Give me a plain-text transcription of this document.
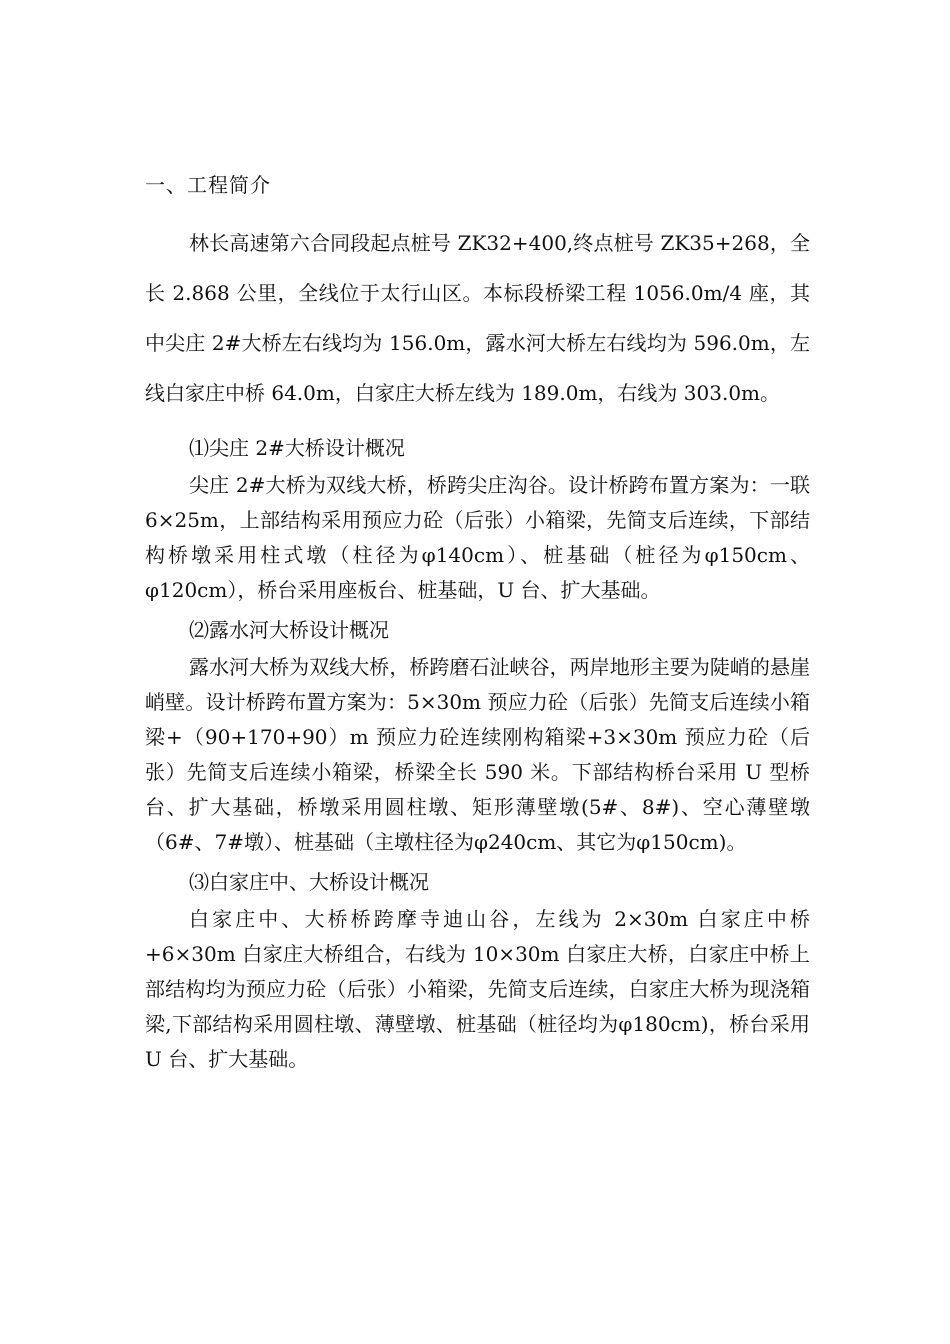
一、工程简介

林长高速第六合同段起点桩号 ZK32+400,终点桩号 ZK35+268，全长 2.868 公里，全线位于太行山区。本标段桥梁工程 1056.0m/4 座，其中尖庄 2#大桥左右线均为 156.0m，露水河大桥左右线均为 596.0m，左线白家庄中桥 64.0m，白家庄大桥左线为 189.0m，右线为 303.0m。

⑴尖庄 2#大桥设计概况

尖庄 2#大桥为双线大桥，桥跨尖庄沟谷。设计桥跨布置方案为：一联 6×25m，上部结构采用预应力砼（后张）小箱梁，先简支后连续，下部结构桥墩采用柱式墩（柱径为φ140cm）、桩基础（桩径为φ150cm、φ120cm），桥台采用座板台、桩基础，U 台、扩大基础。

⑵露水河大桥设计概况

露水河大桥为双线大桥，桥跨磨石沚峡谷，两岸地形主要为陡峭的悬崖峭壁。设计桥跨布置方案为：5×30m 预应力砼（后张）先简支后连续小箱梁+（90+170+90）m 预应力砼连续刚构箱梁+3×30m 预应力砼（后张）先简支后连续小箱梁，桥梁全长 590 米。下部结构桥台采用 U 型桥台、扩大基础，桥墩采用圆柱墩、矩形薄壁墩(5#、8#)、空心薄壁墩（6#、7#墩）、桩基础（主墩柱径为φ240cm、其它为φ150cm)。

⑶白家庄中、大桥设计概况

白家庄中、大桥桥跨摩寺迪山谷，左线为 2×30m 白家庄中桥+6×30m 白家庄大桥组合，右线为 10×30m 白家庄大桥，白家庄中桥上部结构均为预应力砼（后张）小箱梁，先简支后连续，白家庄大桥为现浇箱梁,下部结构采用圆柱墩、薄壁墩、桩基础（桩径均为φ180cm)，桥台采用 U 台、扩大基础。
